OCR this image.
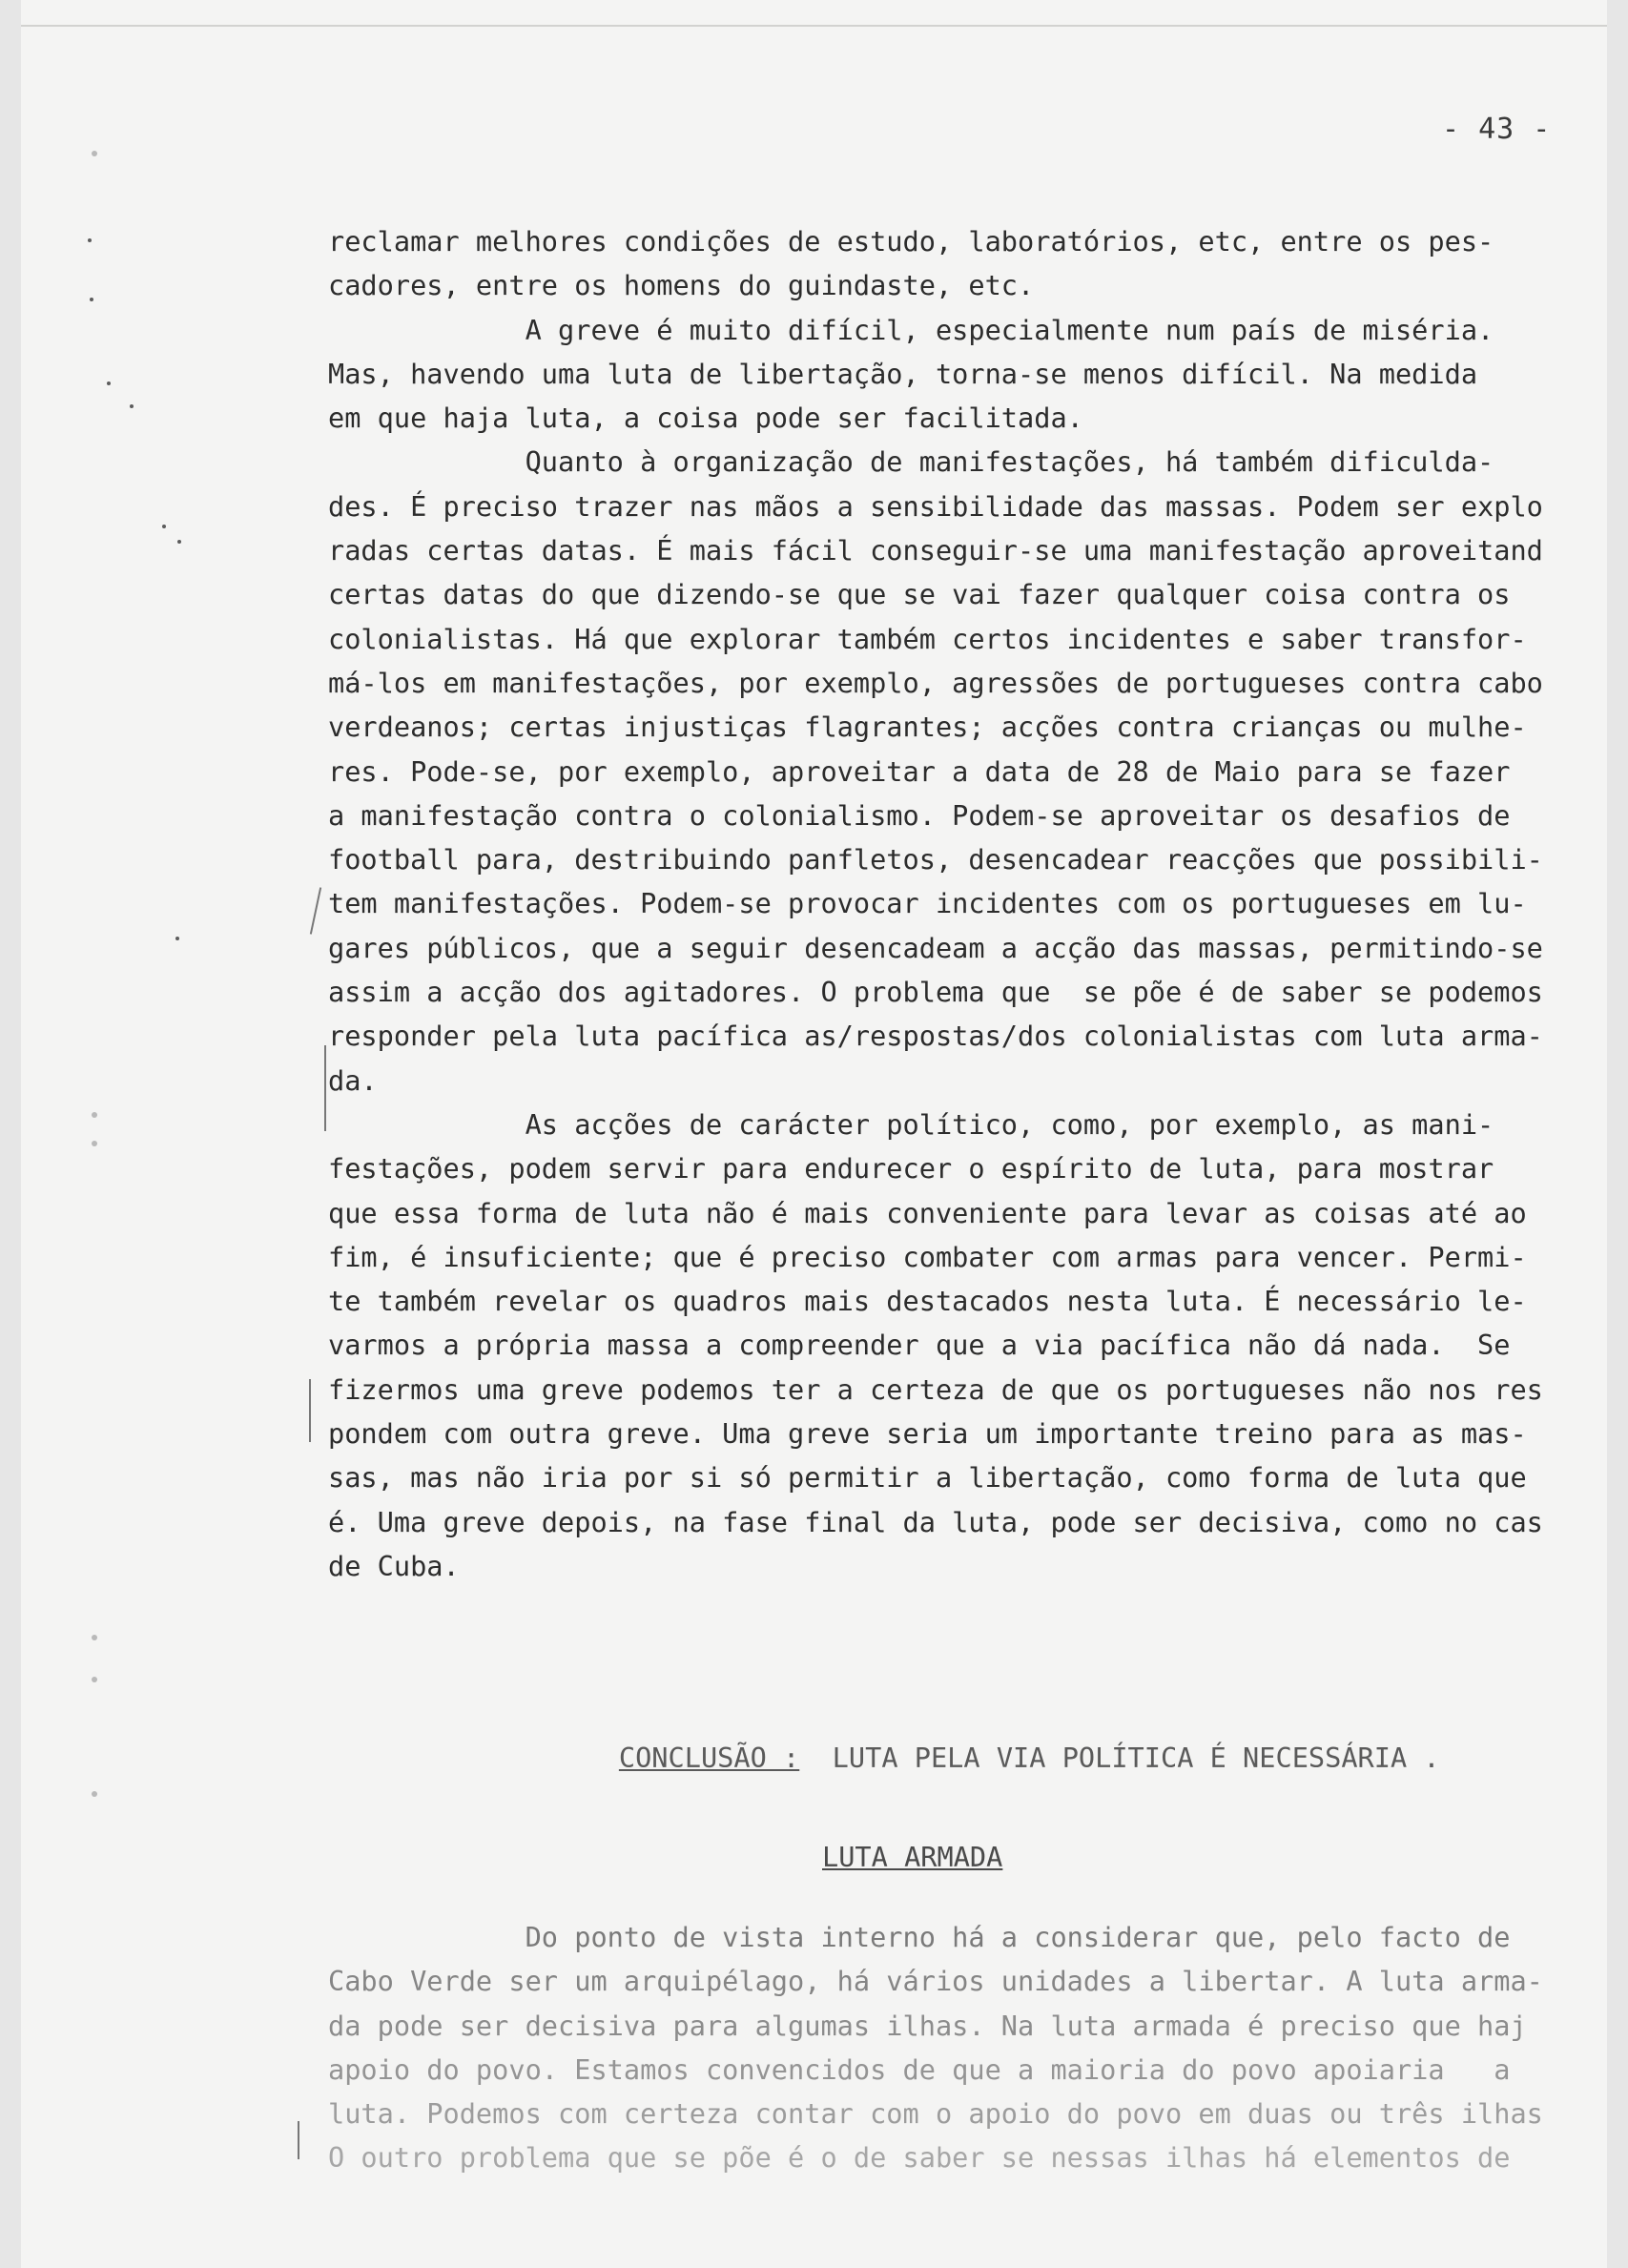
- 43 -
reclamar melhores condições de estudo, laboratórios, etc, entre os pes-
cadores, entre os homens do guindaste, etc.
A greve é muito difícil, especialmente num país de miséria.
Mas, havendo uma luta de libertação, torna-se menos difícil. Na medida
em que haja luta, a coisa pode ser facilitada.
Quanto à organização de manifestações, há também dificulda-
des. É preciso trazer nas mãos a sensibilidade das massas. Podem ser explo
radas certas datas. É mais fácil conseguir-se uma manifestação aproveitand
certas datas do que dizendo-se que se vai fazer qualquer coisa contra os
colonialistas. Há que explorar também certos incidentes e saber transfor-
má-los em manifestações, por exemplo, agressões de portugueses contra cabo
verdeanos; certas injustiças flagrantes; acções contra crianças ou mulhe-
res. Pode-se, por exemplo, aproveitar a data de 28 de Maio para se fazer
a manifestação contra o colonialismo. Podem-se aproveitar os desafios de
football para, destribuindo panfletos, desencadear reacções que possibili-
tem manifestações. Podem-se provocar incidentes com os portugueses em lu-
gares públicos, que a seguir desencadeam a acção das massas, permitindo-se
assim a acção dos agitadores. O problema que  se põe é de saber se podemos
responder pela luta pacífica as/respostas/dos colonialistas com luta arma-
da.
As acções de carácter político, como, por exemplo, as mani-
festações, podem servir para endurecer o espírito de luta, para mostrar
que essa forma de luta não é mais conveniente para levar as coisas até ao
fim, é insuficiente; que é preciso combater com armas para vencer. Permi-
te também revelar os quadros mais destacados nesta luta. É necessário le-
varmos a própria massa a compreender que a via pacífica não dá nada.  Se
fizermos uma greve podemos ter a certeza de que os portugueses não nos res
pondem com outra greve. Uma greve seria um importante treino para as mas-
sas, mas não iria por si só permitir a libertação, como forma de luta que
é. Uma greve depois, na fase final da luta, pode ser decisiva, como no cas
de Cuba.

CONCLUSÃO :  LUTA PELA VIA POLÍTICA É NECESSÁRIA .

LUTA ARMADA
Do ponto de vista interno há a considerar que, pelo facto de
Cabo Verde ser um arquipélago, há vários unidades a libertar. A luta arma-
da pode ser decisiva para algumas ilhas. Na luta armada é preciso que haj
apoio do povo. Estamos convencidos de que a maioria do povo apoiaria   a
luta. Podemos com certeza contar com o apoio do povo em duas ou três ilhas
O outro problema que se põe é o de saber se nessas ilhas há elementos de
